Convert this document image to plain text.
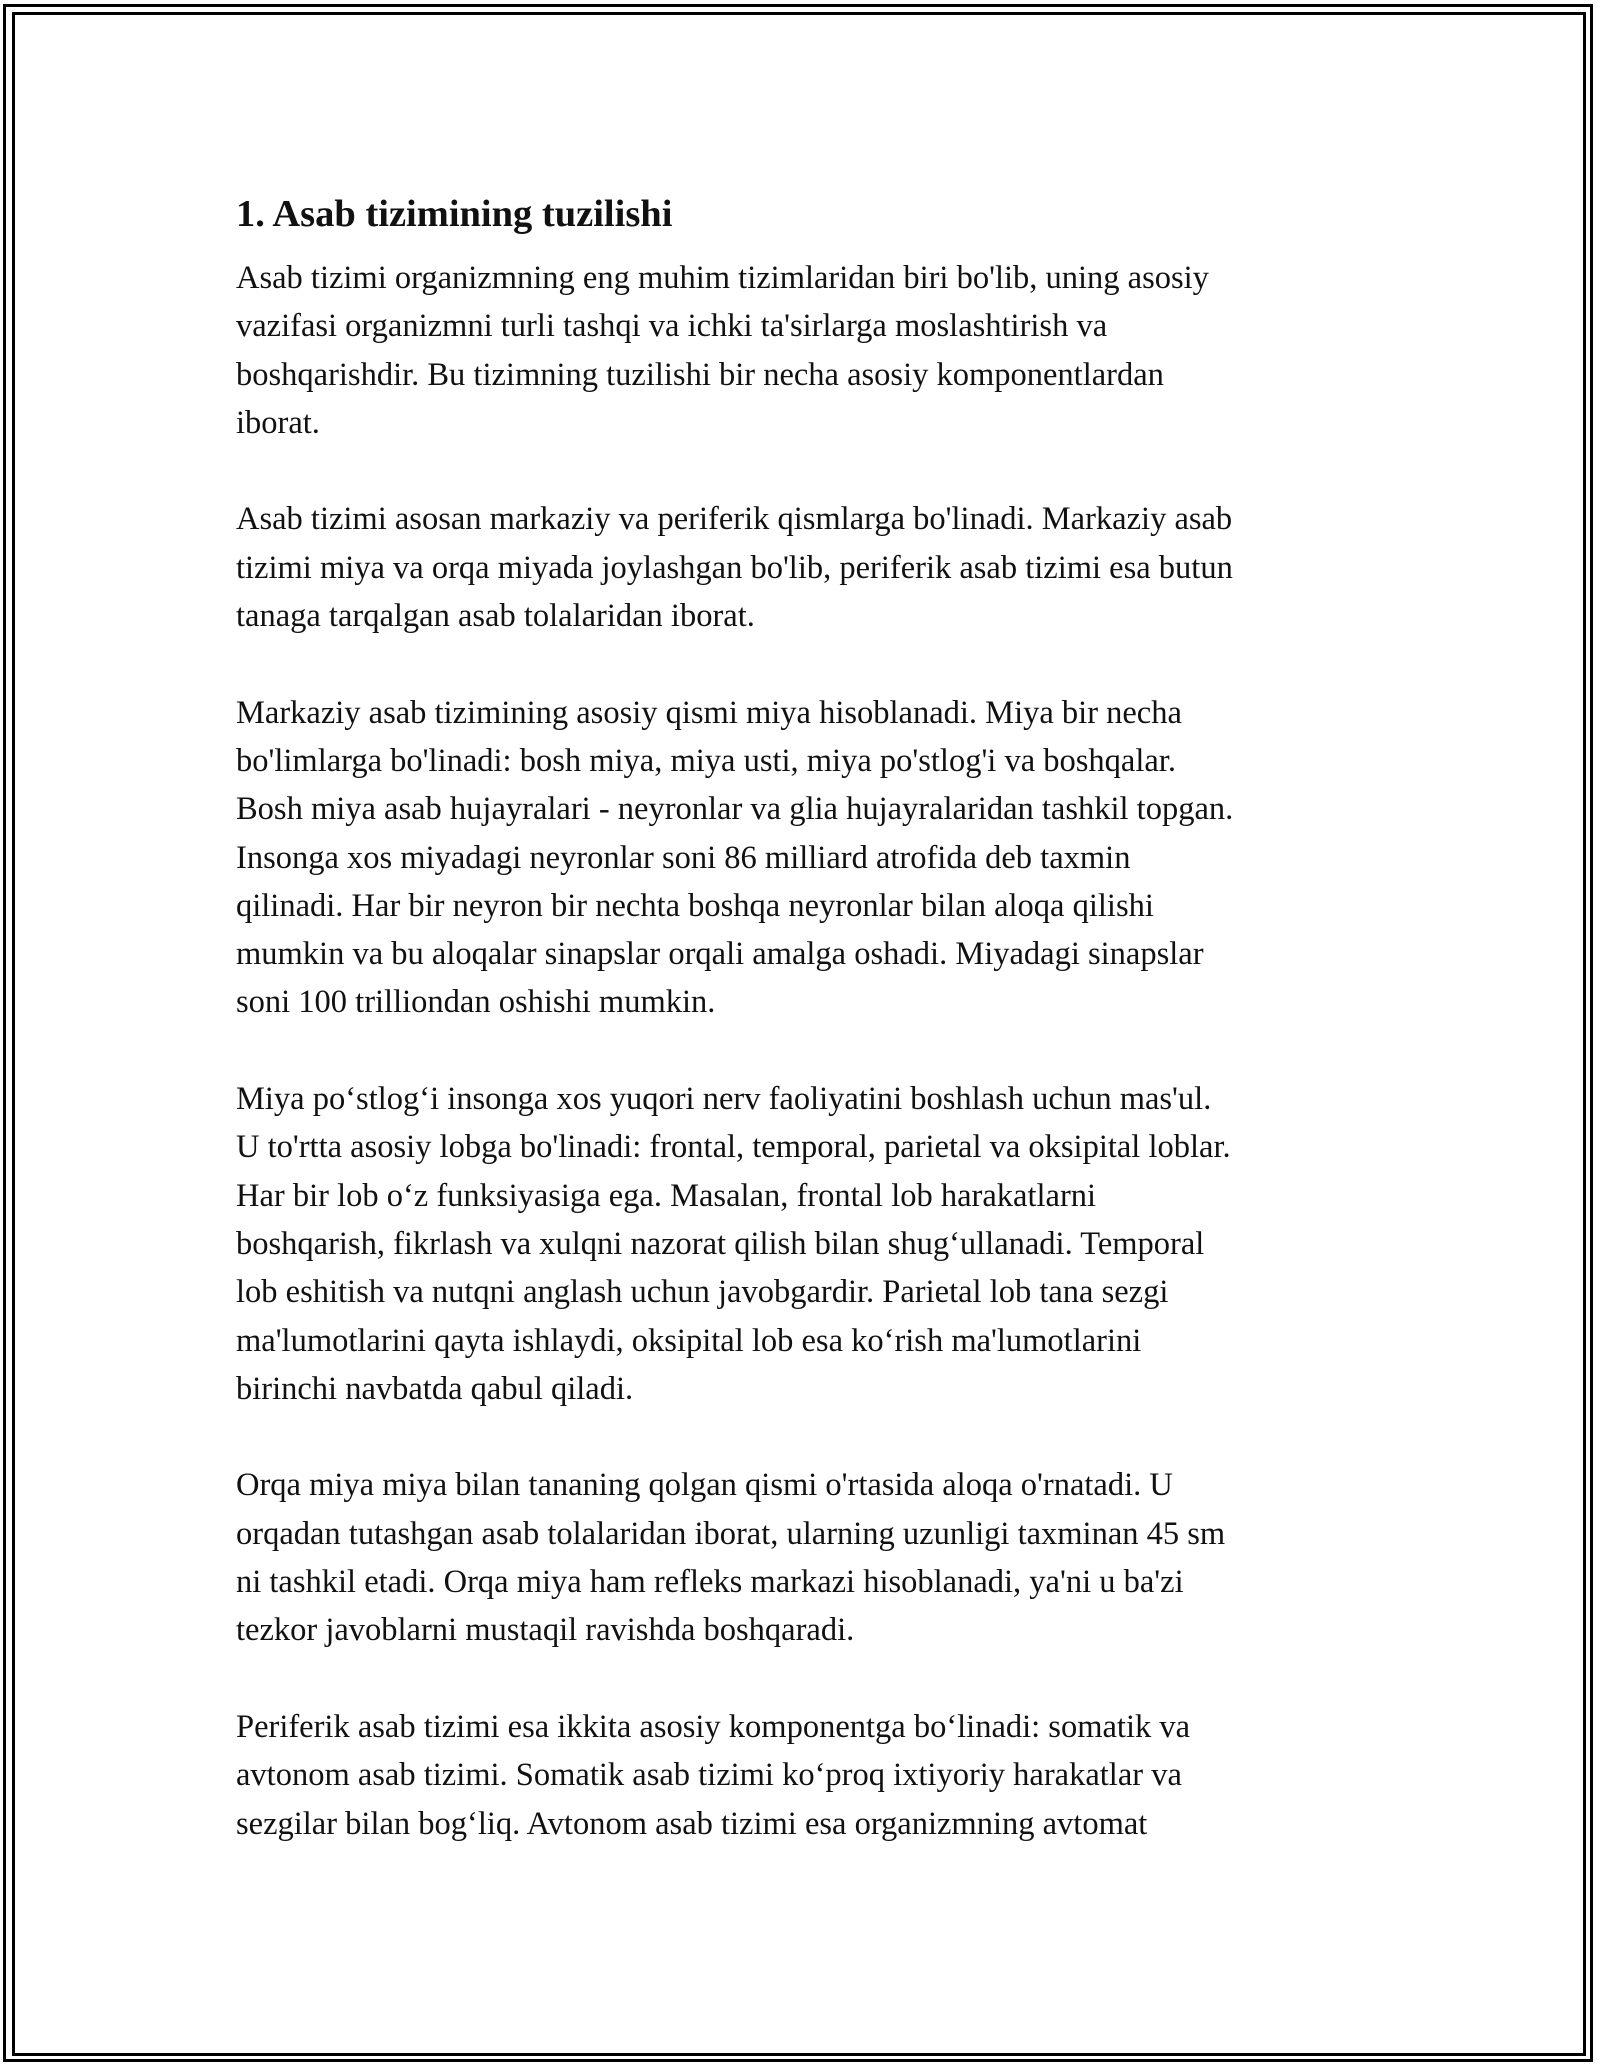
1. Asab tizimining tuzilishi

Asab tizimi organizmning eng muhim tizimlaridan biri bo'lib, uning asosiy
vazifasi organizmni turli tashqi va ichki ta'sirlarga moslashtirish va
boshqarishdir. Bu tizimning tuzilishi bir necha asosiy komponentlardan
iborat.

Asab tizimi asosan markaziy va periferik qismlarga bo'linadi. Markaziy asab
tizimi miya va orqa miyada joylashgan bo'lib, periferik asab tizimi esa butun
tanaga tarqalgan asab tolalaridan iborat.

Markaziy asab tizimining asosiy qismi miya hisoblanadi. Miya bir necha
bo'limlarga bo'linadi: bosh miya, miya usti, miya po'stlog'i va boshqalar.
Bosh miya asab hujayralari - neyronlar va glia hujayralaridan tashkil topgan.
Insonga xos miyadagi neyronlar soni 86 milliard atrofida deb taxmin
qilinadi. Har bir neyron bir nechta boshqa neyronlar bilan aloqa qilishi
mumkin va bu aloqalar sinapslar orqali amalga oshadi. Miyadagi sinapslar
soni 100 trilliondan oshishi mumkin.

Miya po‘stlog‘i insonga xos yuqori nerv faoliyatini boshlash uchun mas'ul.
U to'rtta asosiy lobga bo'linadi: frontal, temporal, parietal va oksipital loblar.
Har bir lob o‘z funksiyasiga ega. Masalan, frontal lob harakatlarni
boshqarish, fikrlash va xulqni nazorat qilish bilan shug‘ullanadi. Temporal
lob eshitish va nutqni anglash uchun javobgardir. Parietal lob tana sezgi
ma'lumotlarini qayta ishlaydi, oksipital lob esa ko‘rish ma'lumotlarini
birinchi navbatda qabul qiladi.

Orqa miya miya bilan tananing qolgan qismi o'rtasida aloqa o'rnatadi. U
orqadan tutashgan asab tolalaridan iborat, ularning uzunligi taxminan 45 sm
ni tashkil etadi. Orqa miya ham refleks markazi hisoblanadi, ya'ni u ba'zi
tezkor javoblarni mustaqil ravishda boshqaradi.

Periferik asab tizimi esa ikkita asosiy komponentga bo‘linadi: somatik va
avtonom asab tizimi. Somatik asab tizimi ko‘proq ixtiyoriy harakatlar va
sezgilar bilan bog‘liq. Avtonom asab tizimi esa organizmning avtomat
